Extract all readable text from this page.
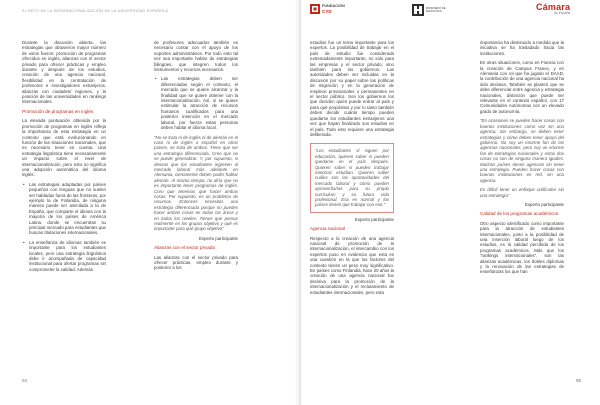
EL RETO DE LA INTERNACIONALIZACIÓN DE LA UNIVERSIDAD ESPAÑOLA

Durante la discusión abierta, las estrategias que obtuvieron mayor número de votos fueron: promoción de programas ofrecidos en inglés, alianzas con el sector privado para ofrecer prácticas y empleo durante y después de los estudios, creación de una agencia nacional, flexibilidad en la contratación de profesores e investigadores extranjeros, alianzas con ciudades/ regiones, y la posición de las universidades en rankings internacionales.

Promoción de programas en inglés

La elevada puntuación obtenida por la promoción de programas en inglés refleja la importancia de esta estrategia en un contexto que está evolucionando en función de las situaciones nacionales, que es necesario tener en cuenta. Una estrategia lingüística tiene necesariamente un impacto sobre el nivel de internacionalización, pero esto no significa una adopción automática del idioma inglés:

• Las estrategias adoptadas por países pequeños con lenguas que no suelen ser habladas fuera de las fronteras, por ejemplo la de Finlandia, de ninguna manera puede ser asimilada a la de España, que comparte el idioma con la mayoría de los países de América Latina, donde se encuentran su principal mercado para estudiantes que buscan titulaciones internacionales.
• La enseñanza de idiomas también es importante para los estudiantes locales, pero una estrategia lingüística debe ir acompañada de capacidad institucional para ofertar programas sin comprometer la calidad. Además

de profesores adecuados también es necesario contar con el apoyo de los soportes administrativos. Por todo esto tal vez sea importante hablar de estrategias bilingües, que integren todos los instrumentos y recursos necesarios.

• Las estrategias deben ser diferenciadas según el contexto, el mercado que se quiere alcanzar y la finalidad que se quiere obtener con la internacionalización. Así, si se quiere estimular la atracción de recursos humanos cualificados para una posterior inserción en el mercado laboral, por fuerza estas personas deben hablar el idioma local.

"No se trata ni de inglés ni de alemán en el caso ni de inglés o español en otros países, se trata de ambos. Tiene que ser una estrategia diferenciada. Creo que no se puede generalizar. Y, por supuesto, si deseas que los estudiantes ingresen al mercado laboral más adelante en Alemania, ciertamente deben poder hablar alemán. Al mismo tiempo, no diría que no es importante tener programas de inglés. Creo que tenemos que hacer ambas cosas. Por supuesto, es un problema de recursos. Entonces necesitas una estrategia diferenciada porque no puedes hacer ambas cosas en todas las áreas y en todos los niveles. Tienes que pensar realmente en los grupos objetivo y qué es importante para qué grupo objetivo"

Experto participante

Alianzas con el sector privado

Las alianzas con el sector privado para ofrecer prácticas, empleo durante y posterior a los

94
FUNDACIÓN
CYD
MINISTERIO DE EDUCACIÓN	Cámara
de España

estudios fue un tema importante para los expertos. La posibilidad de trabajar en el país de estudio fue considerada extremadamente importante, no sólo para las empresas y el sector privado, sino también para los gobiernos. Las autoridades deben ser incluidas en la discusión por su papel sobre las políticas de migración y en la generación de empleos provisionales o permanentes en el sector público. Son los gobiernos los que deciden quién puede entrar al país y para qué propósitos y por lo tanto también deben decidir cuánto tiempo pueden quedarse los estudiantes extranjeros una vez que hayan finalizado sus estudios en el país. Todo esto requiere una estrategia deliberada.

"Los estudiantes sí siguen por educación, quieren saber si pueden quedarse en el país después. Quieren saber si pueden trabajar mientras estudian. Quieren saber cuáles son las oportunidades del mercado laboral y cómo pueden aprovecharlas para su propio currículum y su futura vida profesional. Esa es normal y los países tienen que trabajar con eso."

Experto participante

Agencia nacional

Respecto a la creación de una agencia nacional de promoción de la internacionalización, el intercambio con los expertos puso en evidencia que esta es una cuestión en la que los factores del contexto tienen un peso muy significativo. En países como Finlandia, hace 20 años la creación de una agencia nacional fue decisiva para la promoción de la internacionalización y el reclutamiento de estudiantes internacionales, pero esta

importancia ha disminuido a medida que la iniciativa se ha trasladado hacia las instituciones.

En otras situaciones, como en Francia con la creación de Campus France, y en Alemania con rol que ha jugado el DAAD, la contribución de una agencia nacional ha sido decisiva. También se planteó que se debe diferenciar entre agencia y estrategia nacionales, distinción que puede ser relevante en el contexto español, con 17 Comunidades Autónomas con un elevado grado de autonomía.

"En ocasiones se pueden hacer cosas con buenos instituciones como vez sin una agencia. Sin embargo, se deben tener estrategias y cómo deben tener apoyo del gobierno. No soy un enorme fan de las agencias nacionales, pero soy un enorme fan de estrategias nacionales y estas dos cosas no son de ninguna manera iguales. Muchos países tienen agencias sin tener una estrategia. Pueden hacer cosas con buenas instituciones en red, sin una agencia.

Es difícil tener un enfoque unificador sin una estrategia"

Experto participante

Calidad de los programas académicos

Otro aspecto identificado como importante para la atracción de estudiantes internacionales, junto a la posibilidad de una inserción laboral luego de los estudios, es la calidad percibida de los programas académicos. Más que los "rankings internacionales", son las alianzas académicas, los dobles diplomas y la renovación de las estrategias de enseñanzas los que han

95
